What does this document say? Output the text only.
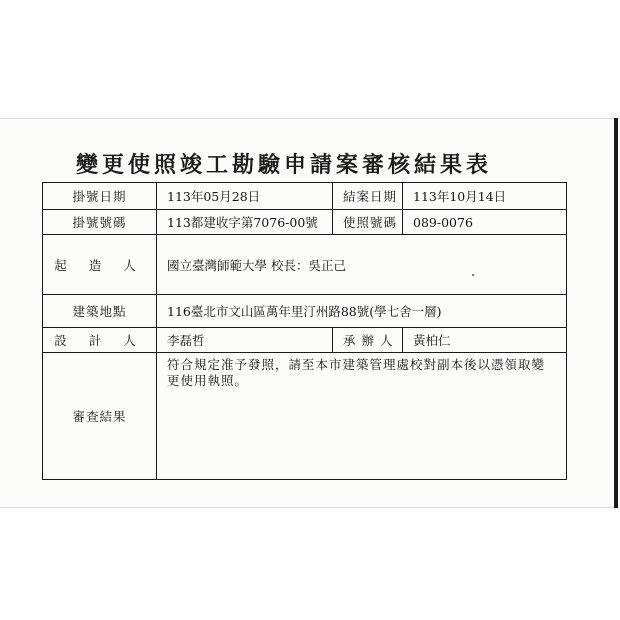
變更使照竣工勘驗申請案審核結果表
掛號日期	113年05月28日	結案日期	113年10月14日
掛號號碼	113都建收字第7076-00號	使照號碼	089-0076
起 造 人	國立臺灣師範大學 校長：吳正己		
建築地點	116臺北市文山區萬年里汀州路88號(學七舍一層)		
設 計 人	李磊哲	承 辦 人	黃柏仁
審查結果	符合規定准予發照，請至本市建築管理處校對副本後以憑領取變更使用執照。		
